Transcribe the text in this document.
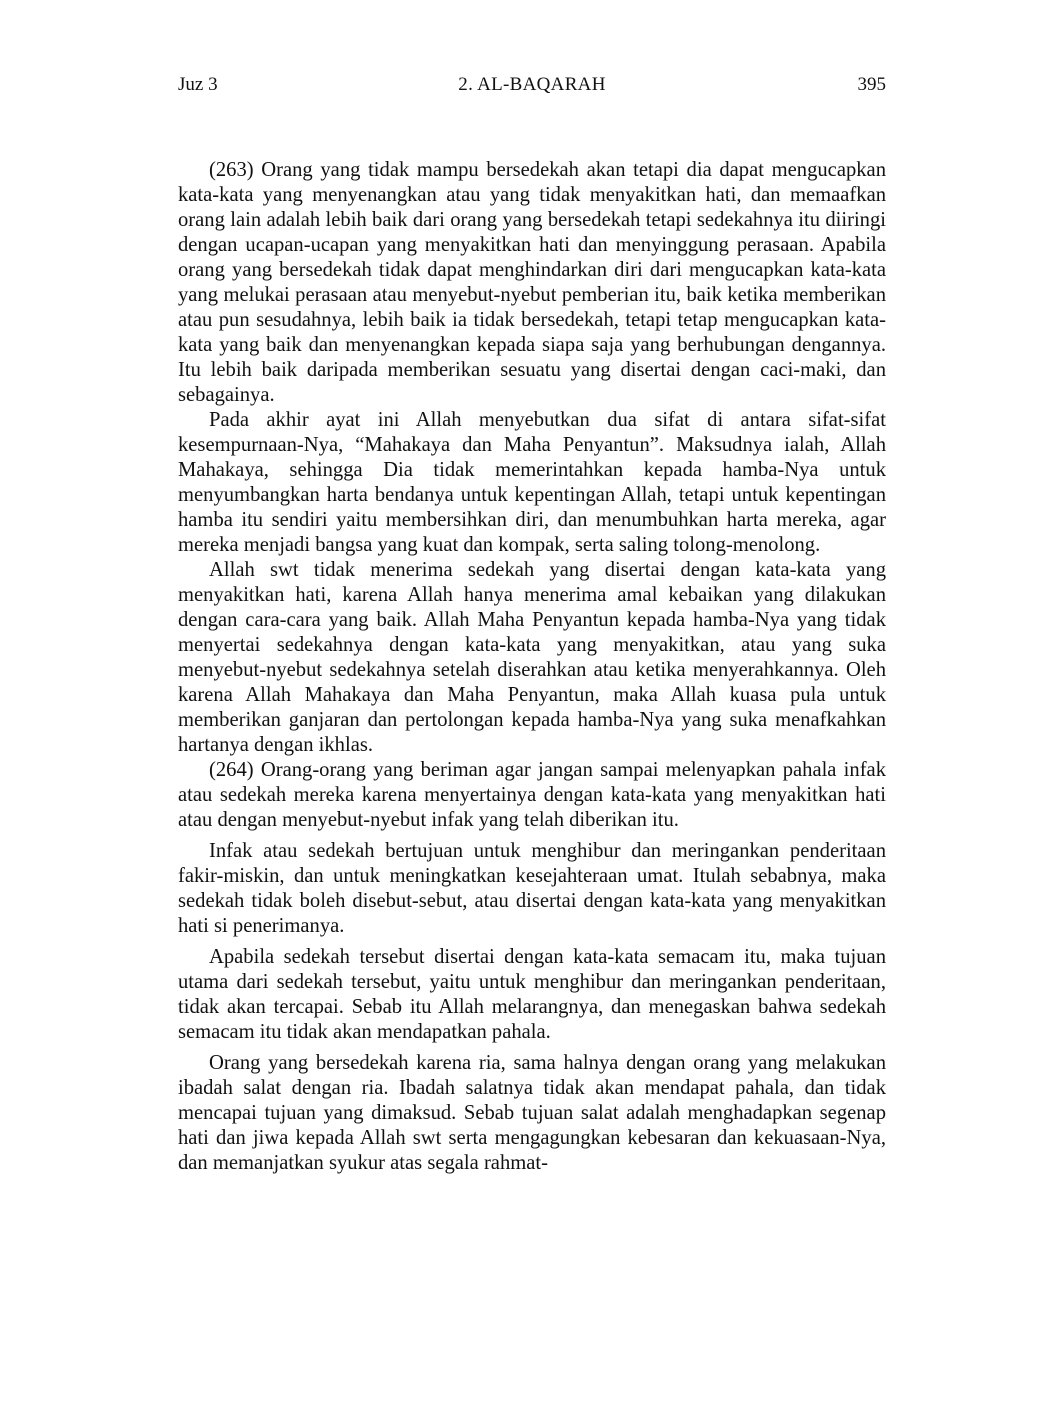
Juz 3	2. AL-BAQARAH	395

(263) Orang yang tidak mampu bersedekah akan tetapi dia dapat mengucapkan kata-kata yang menyenangkan atau yang tidak menyakitkan hati, dan memaafkan orang lain adalah lebih baik dari orang yang bersedekah tetapi sedekahnya itu diiringi dengan ucapan-ucapan yang menyakitkan hati dan menyinggung perasaan. Apabila orang yang bersedekah tidak dapat menghindarkan diri dari mengucapkan kata-kata yang melukai perasaan atau menyebut-nyebut pemberian itu, baik ketika memberikan atau pun sesudahnya, lebih baik ia tidak bersedekah, tetapi tetap mengucapkan kata-kata yang baik dan menyenangkan kepada siapa saja yang berhubungan dengannya. Itu lebih baik daripada memberikan sesuatu yang disertai dengan caci-maki, dan sebagainya.

Pada akhir ayat ini Allah menyebutkan dua sifat di antara sifat-sifat kesempurnaan-Nya, “Mahakaya dan Maha Penyantun”. Maksudnya ialah, Allah Mahakaya, sehingga Dia tidak memerintahkan kepada hamba-Nya untuk menyumbangkan harta bendanya untuk kepentingan Allah, tetapi untuk kepentingan hamba itu sendiri yaitu membersihkan diri, dan menumbuhkan harta mereka, agar mereka menjadi bangsa yang kuat dan kompak, serta saling tolong-menolong.

Allah swt tidak menerima sedekah yang disertai dengan kata-kata yang menyakitkan hati, karena Allah hanya menerima amal kebaikan yang dilakukan dengan cara-cara yang baik. Allah Maha Penyantun kepada hamba-Nya yang tidak menyertai sedekahnya dengan kata-kata yang menyakitkan, atau yang suka menyebut-nyebut sedekahnya setelah diserahkan atau ketika menyerahkannya. Oleh karena Allah Mahakaya dan Maha Penyantun, maka Allah kuasa pula untuk memberikan ganjaran dan pertolongan kepada hamba-Nya yang suka menafkahkan hartanya dengan ikhlas.

(264) Orang-orang yang beriman agar jangan sampai melenyapkan pahala infak atau sedekah mereka karena menyertainya dengan kata-kata yang menyakitkan hati atau dengan menyebut-nyebut infak yang telah diberikan itu.

Infak atau sedekah bertujuan untuk menghibur dan meringankan penderitaan fakir-miskin, dan untuk meningkatkan kesejahteraan umat. Itulah sebabnya, maka sedekah tidak boleh disebut-sebut, atau disertai dengan kata-kata yang menyakitkan hati si penerimanya.

Apabila sedekah tersebut disertai dengan kata-kata semacam itu, maka tujuan utama dari sedekah tersebut, yaitu untuk menghibur dan meringankan penderitaan, tidak akan tercapai. Sebab itu Allah melarangnya, dan menegaskan bahwa sedekah semacam itu tidak akan mendapatkan pahala.

Orang yang bersedekah karena ria, sama halnya dengan orang yang melakukan ibadah salat dengan ria. Ibadah salatnya tidak akan mendapat pahala, dan tidak mencapai tujuan yang dimaksud. Sebab tujuan salat adalah menghadapkan segenap hati dan jiwa kepada Allah swt serta mengagungkan kebesaran dan kekuasaan-Nya, dan memanjatkan syukur atas segala rahmat-
